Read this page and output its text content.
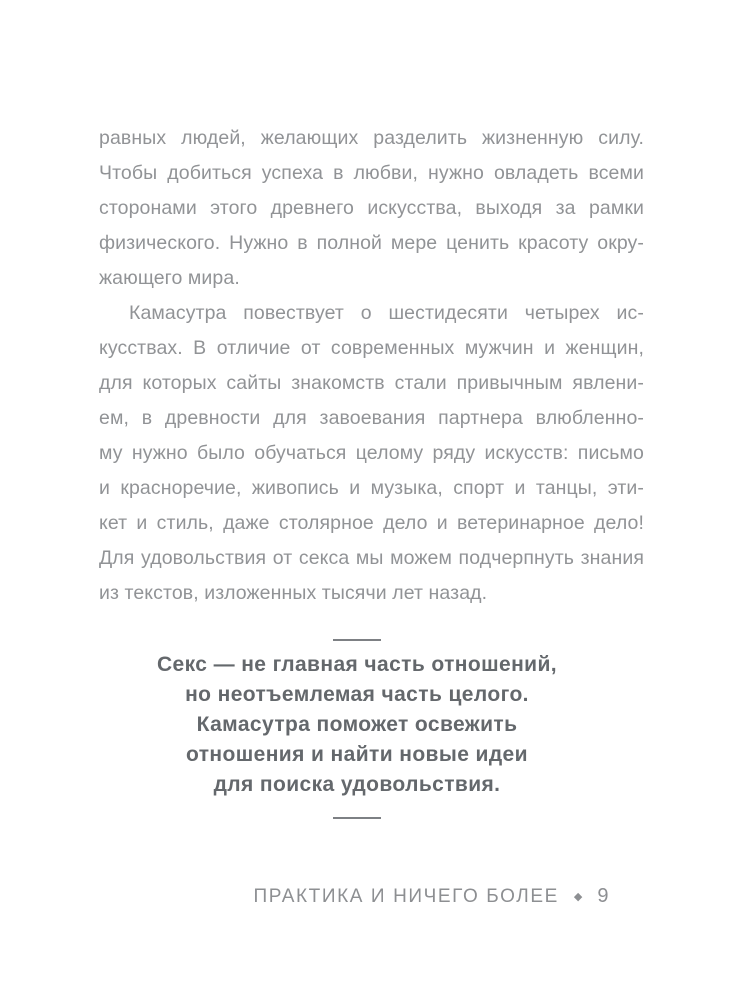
равных людей, желающих разделить жизненную силу.
Чтобы добиться успеха в любви, нужно овладеть всеми
сторонами этого древнего искусства, выходя за рамки
физического. Нужно в полной мере ценить красоту окру-
жающего мира.
Камасутра повествует о шестидесяти четырех ис-
кусствах. В отличие от современных мужчин и женщин,
для которых сайты знакомств стали привычным явлени-
ем, в древности для завоевания партнера влюбленно-
му нужно было обучаться целому ряду искусств: письмо
и красноречие, живопись и музыка, спорт и танцы, эти-
кет и стиль, даже столярное дело и ветеринарное дело!
Для удовольствия от секса мы можем подчерпнуть знания
из текстов, изложенных тысячи лет назад.
Секс — не главная часть отношений,
но неотъемлемая часть целого.
Камасутра поможет освежить
отношения и найти новые идеи
для поиска удовольствия.
ПРАКТИКА И НИЧЕГО БОЛЕЕ ◆ 9
